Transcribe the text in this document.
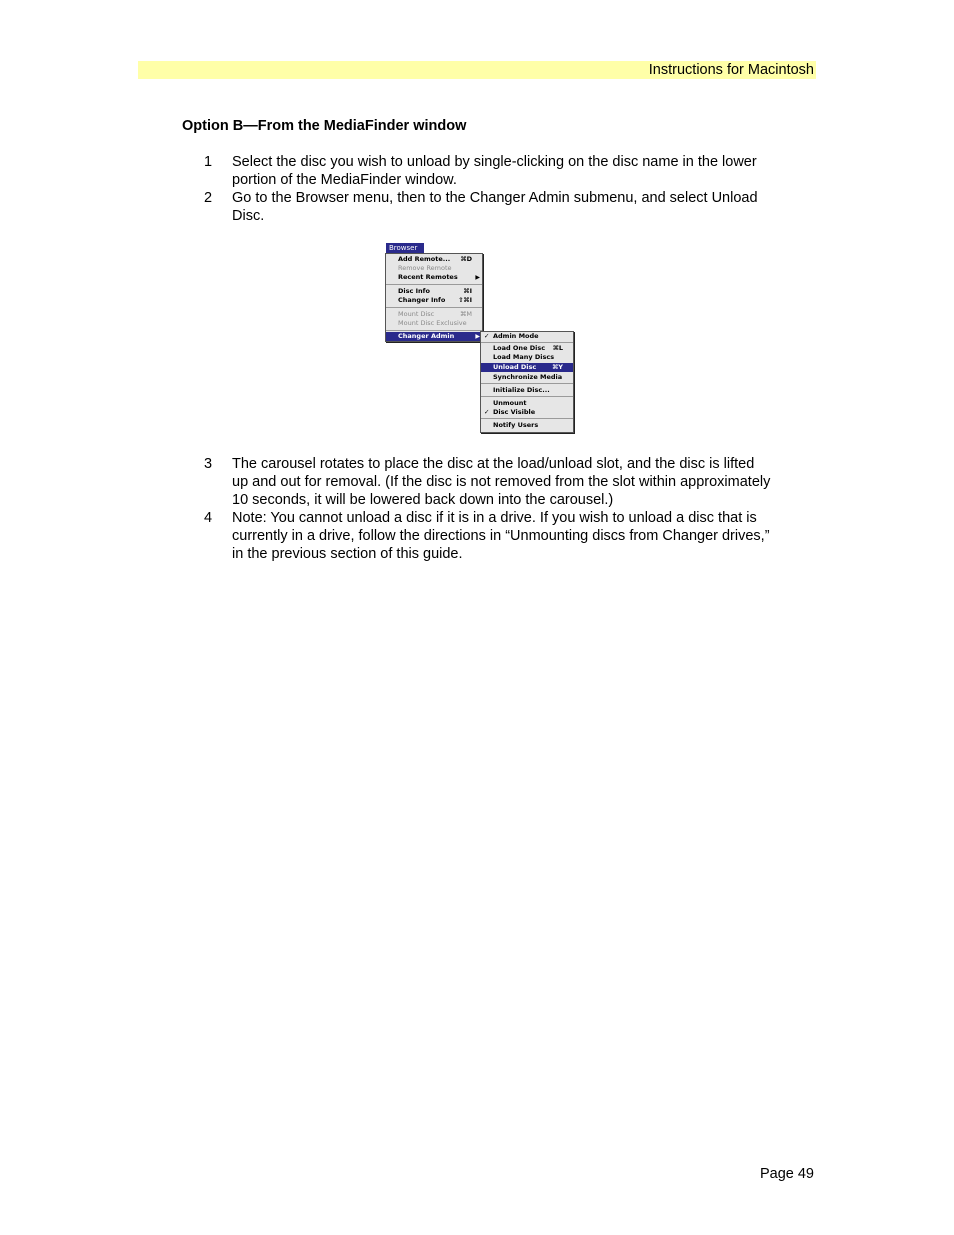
Instructions for Macintosh
Option B—From the MediaFinder window
1	Select the disc you wish to unload by single-clicking on the disc name in the lower
portion of the MediaFinder window.
2	Go to the Browser menu, then to the Changer Admin submenu, and select Unload
Disc.
3	The carousel rotates to place the disc at the load/unload slot, and the disc is lifted
up and out for removal. (If the disc is not removed from the slot within approximately
10 seconds, it will be lowered back down into the carousel.)
4	Note: You cannot unload a disc if it is in a drive. If you wish to unload a disc that is
currently in a drive, follow the directions in “Unmounting discs from Changer drives,”
in the previous section of this guide.
Browser
Add Remote... ⌘D
Remove Remote
Recent Remotes	▶
Disc Info	⌘I
Changer Info ⇧⌘I
Mount Disc	⌘M
Mount Disc Exclusive
Changer Admin	▶ ✓ Admin Mode
Load One Disc ⌘L
Load Many Discs
Unload Disc ⌘Y
Synchronize Media
Initialize Disc...
Unmount
✓ Disc Visible
Notify Users
Page 49
